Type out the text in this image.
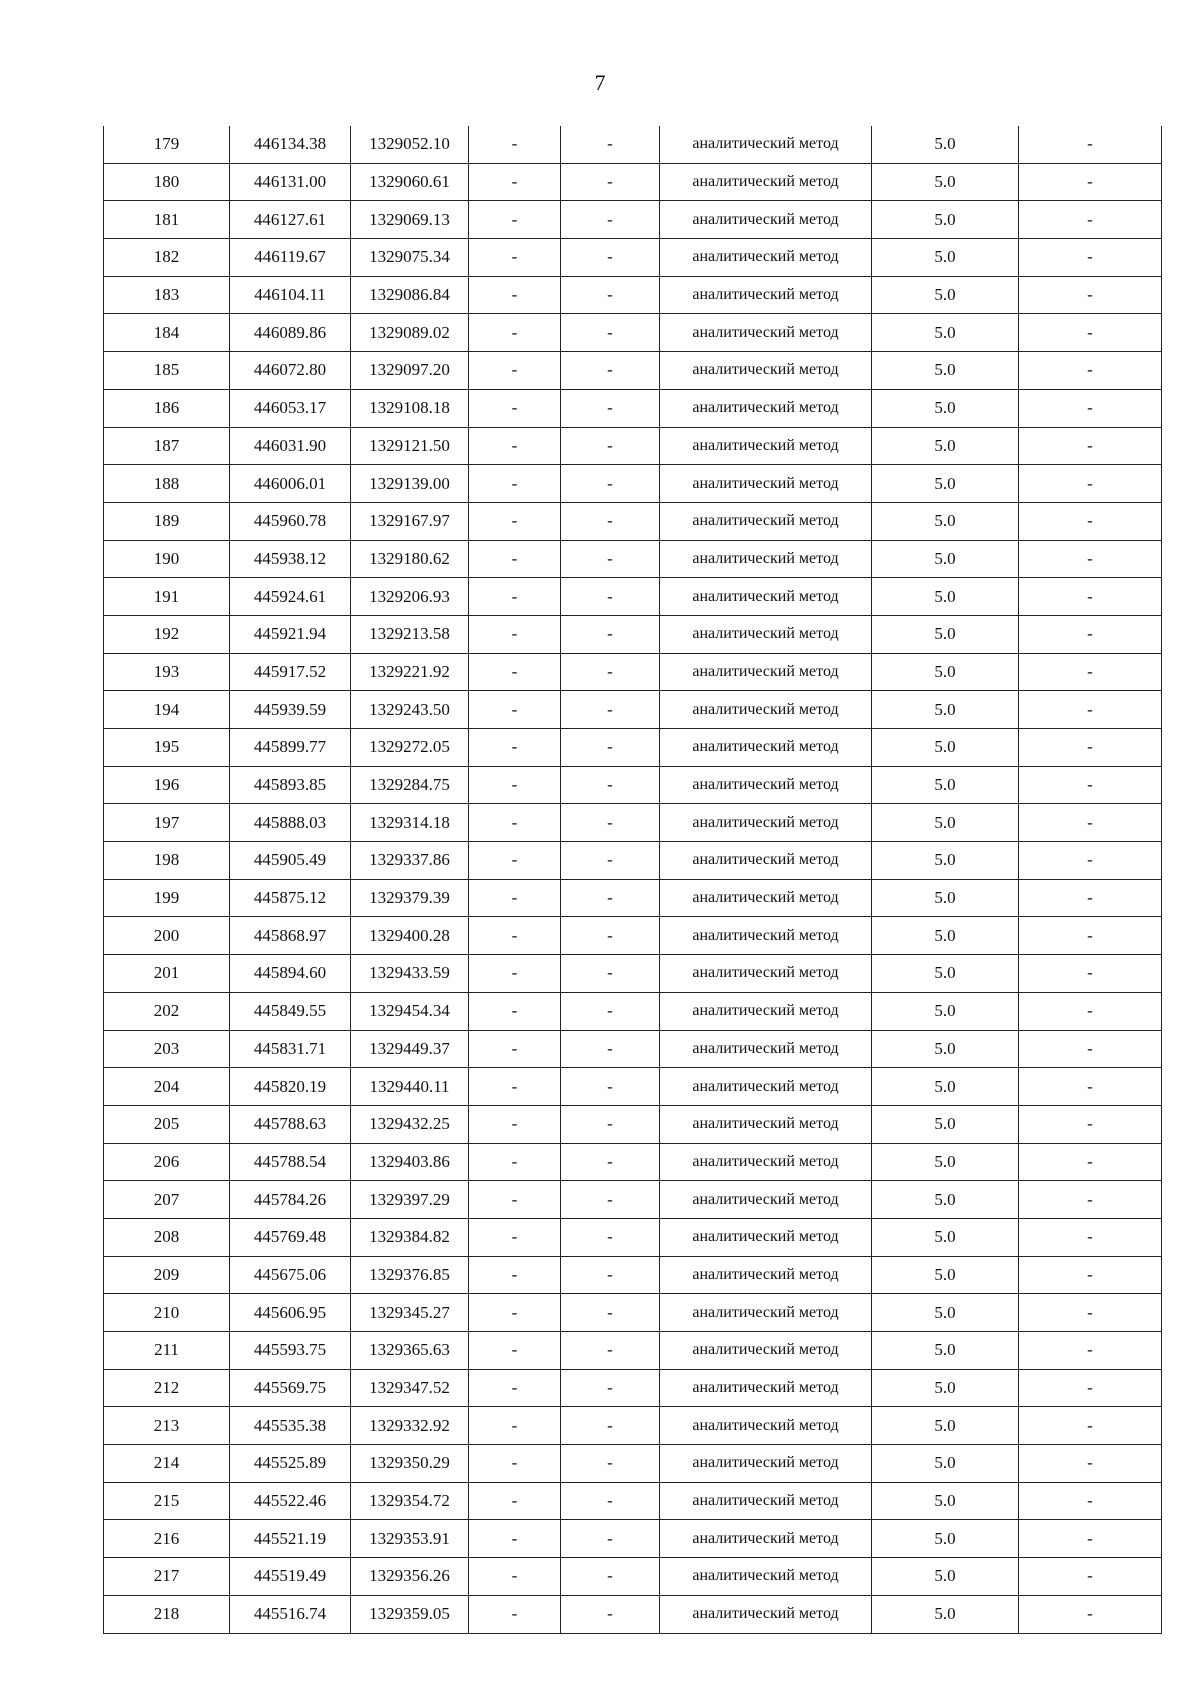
7
179	446134.38	1329052.10	-	-	аналитический метод	5.0	-
180	446131.00	1329060.61	-	-	аналитический метод	5.0	-
181	446127.61	1329069.13	-	-	аналитический метод	5.0	-
182	446119.67	1329075.34	-	-	аналитический метод	5.0	-
183	446104.11	1329086.84	-	-	аналитический метод	5.0	-
184	446089.86	1329089.02	-	-	аналитический метод	5.0	-
185	446072.80	1329097.20	-	-	аналитический метод	5.0	-
186	446053.17	1329108.18	-	-	аналитический метод	5.0	-
187	446031.90	1329121.50	-	-	аналитический метод	5.0	-
188	446006.01	1329139.00	-	-	аналитический метод	5.0	-
189	445960.78	1329167.97	-	-	аналитический метод	5.0	-
190	445938.12	1329180.62	-	-	аналитический метод	5.0	-
191	445924.61	1329206.93	-	-	аналитический метод	5.0	-
192	445921.94	1329213.58	-	-	аналитический метод	5.0	-
193	445917.52	1329221.92	-	-	аналитический метод	5.0	-
194	445939.59	1329243.50	-	-	аналитический метод	5.0	-
195	445899.77	1329272.05	-	-	аналитический метод	5.0	-
196	445893.85	1329284.75	-	-	аналитический метод	5.0	-
197	445888.03	1329314.18	-	-	аналитический метод	5.0	-
198	445905.49	1329337.86	-	-	аналитический метод	5.0	-
199	445875.12	1329379.39	-	-	аналитический метод	5.0	-
200	445868.97	1329400.28	-	-	аналитический метод	5.0	-
201	445894.60	1329433.59	-	-	аналитический метод	5.0	-
202	445849.55	1329454.34	-	-	аналитический метод	5.0	-
203	445831.71	1329449.37	-	-	аналитический метод	5.0	-
204	445820.19	1329440.11	-	-	аналитический метод	5.0	-
205	445788.63	1329432.25	-	-	аналитический метод	5.0	-
206	445788.54	1329403.86	-	-	аналитический метод	5.0	-
207	445784.26	1329397.29	-	-	аналитический метод	5.0	-
208	445769.48	1329384.82	-	-	аналитический метод	5.0	-
209	445675.06	1329376.85	-	-	аналитический метод	5.0	-
210	445606.95	1329345.27	-	-	аналитический метод	5.0	-
211	445593.75	1329365.63	-	-	аналитический метод	5.0	-
212	445569.75	1329347.52	-	-	аналитический метод	5.0	-
213	445535.38	1329332.92	-	-	аналитический метод	5.0	-
214	445525.89	1329350.29	-	-	аналитический метод	5.0	-
215	445522.46	1329354.72	-	-	аналитический метод	5.0	-
216	445521.19	1329353.91	-	-	аналитический метод	5.0	-
217	445519.49	1329356.26	-	-	аналитический метод	5.0	-
218	445516.74	1329359.05	-	-	аналитический метод	5.0	-
